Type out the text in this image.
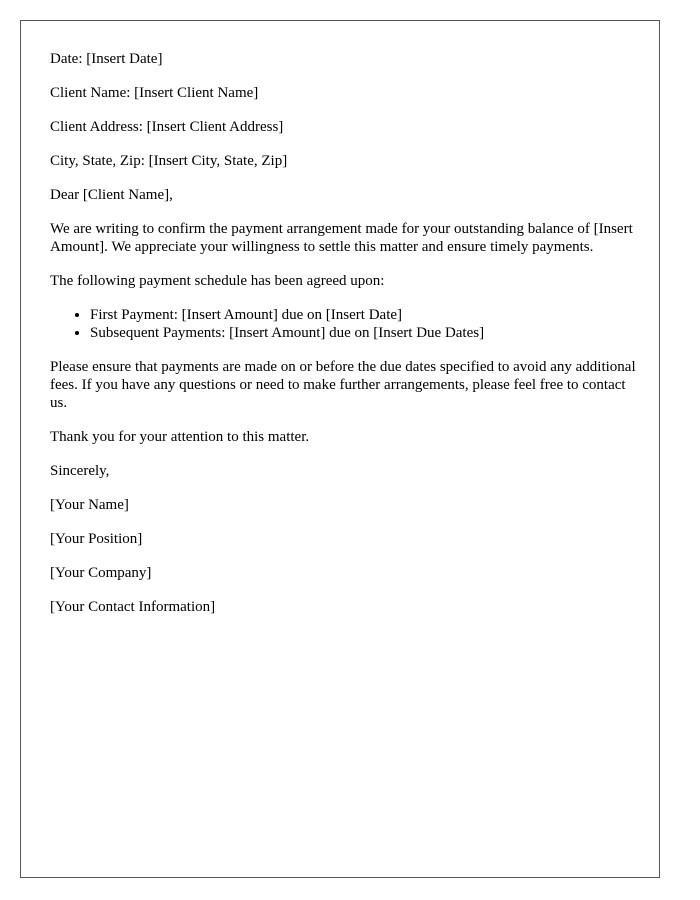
Date: [Insert Date]

Client Name: [Insert Client Name]

Client Address: [Insert Client Address]

City, State, Zip: [Insert City, State, Zip]

Dear [Client Name],

We are writing to confirm the payment arrangement made for your outstanding balance of [Insert Amount]. We appreciate your willingness to settle this matter and ensure timely payments.

The following payment schedule has been agreed upon:

• First Payment: [Insert Amount] due on [Insert Date]
• Subsequent Payments: [Insert Amount] due on [Insert Due Dates]

Please ensure that payments are made on or before the due dates specified to avoid any additional fees. If you have any questions or need to make further arrangements, please feel free to contact us.

Thank you for your attention to this matter.

Sincerely,

[Your Name]

[Your Position]

[Your Company]

[Your Contact Information]
